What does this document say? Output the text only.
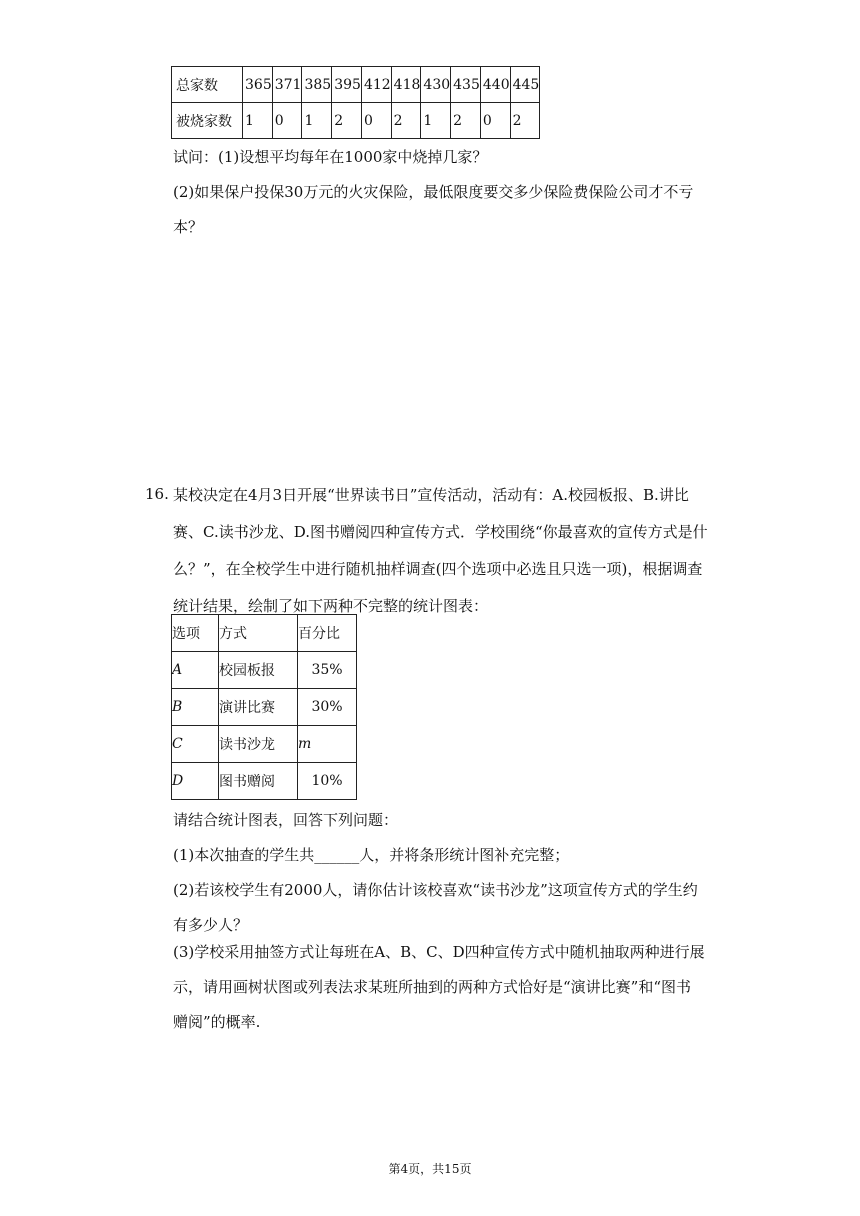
总家数	365	371	385	395	412	418	430	435	440	445
被烧家数	1	0	1	2	0	2	1	2	0	2
试问：(1)设想平均每年在1000家中烧掉几家？
(2)如果保户投保30万元的火灾保险，最低限度要交多少保险费保险公司才不亏
本？
16. 某校决定在4月3日开展“世界读书日”宣传活动，活动有：A.校园板报、B.讲比
赛、C.读书沙龙、D.图书赠阅四种宣传方式．学校围绕“你最喜欢的宣传方式是什
么？”，在全校学生中进行随机抽样调查(四个选项中必选且只选一项)，根据调查
统计结果，绘制了如下两种不完整的统计图表：
选项	方式	百分比
A	校园板报	35%
B	演讲比赛	30%
C	读书沙龙	m
D	图书赠阅	10%
请结合统计图表，回答下列问题：
(1)本次抽查的学生共______人，并将条形统计图补充完整；
(2)若该校学生有2000人，请你估计该校喜欢“读书沙龙”这项宣传方式的学生约
有多少人？
(3)学校采用抽签方式让每班在A、B、C、D四种宣传方式中随机抽取两种进行展
示，请用画树状图或列表法求某班所抽到的两种方式恰好是“演讲比赛”和“图书
赠阅”的概率.
第4页，共15页
